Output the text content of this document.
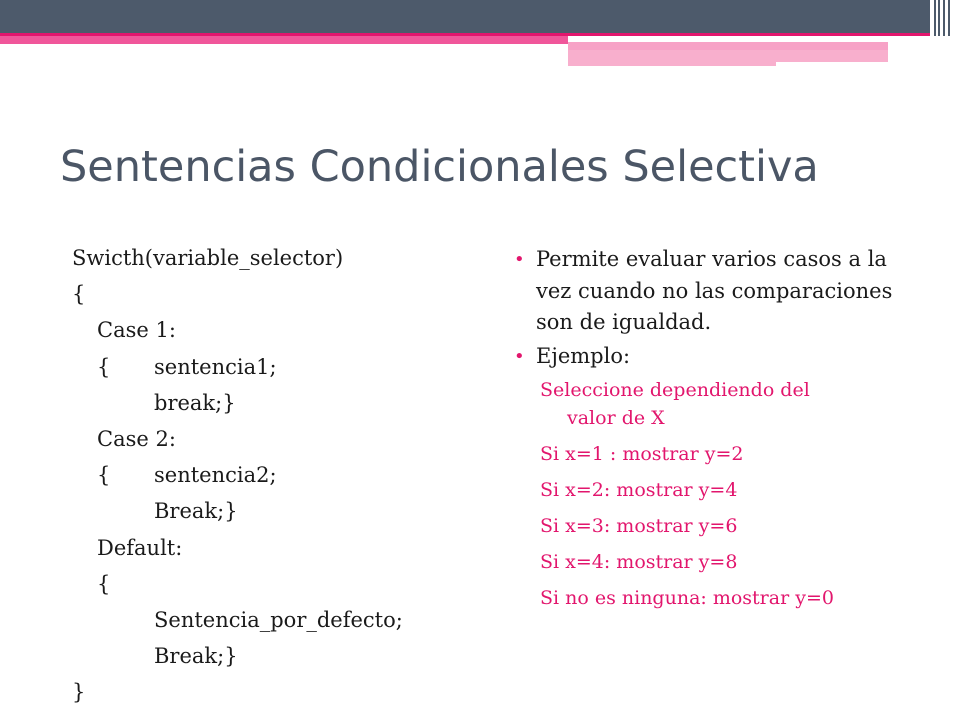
Sentencias Condicionales Selectiva
Swicth(variable_selector)
{
Case 1:
{ sentencia1;
break;}
Case 2:
{ sentencia2;
Break;}
Default:
{
Sentencia_por_defecto;
Break;}
}
• Permite evaluar varios casos a la vez cuando no las comparaciones son de igualdad.
• Ejemplo:
Seleccione dependiendo del
valor de X
Si x=1 : mostrar y=2
Si x=2: mostrar y=4
Si x=3: mostrar y=6
Si x=4: mostrar y=8
Si no es ninguna: mostrar y=0
